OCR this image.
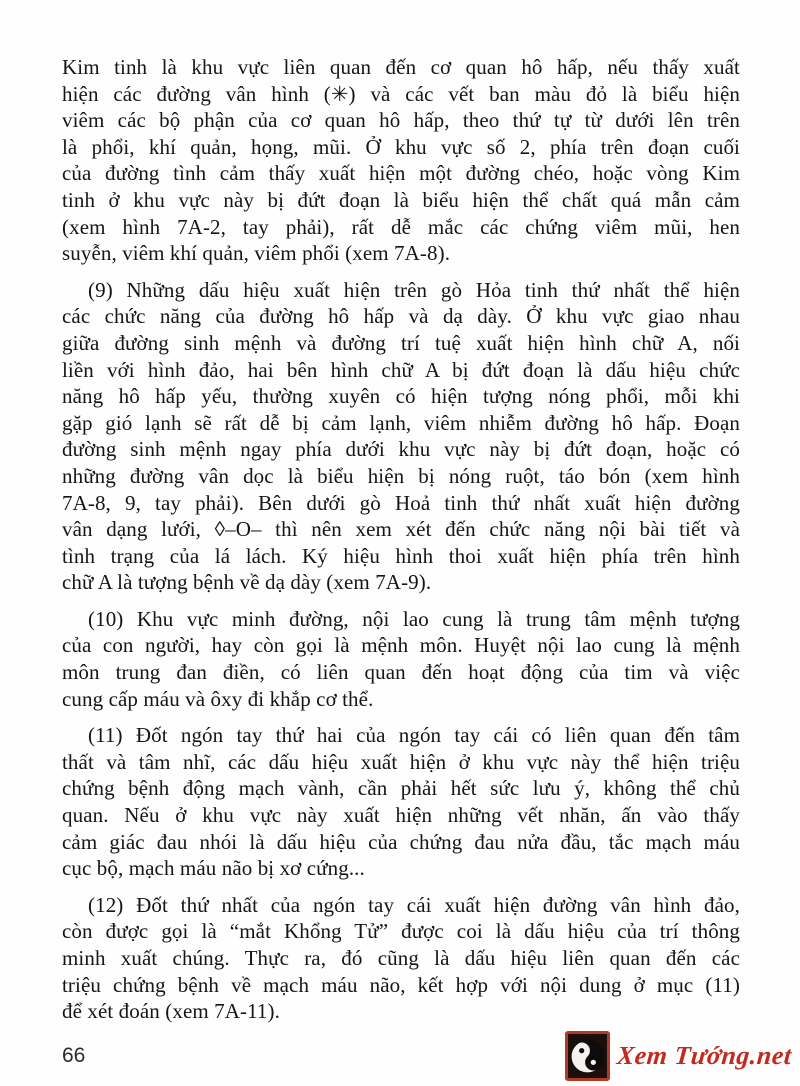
Kim tinh là khu vực liên quan đến cơ quan hô hấp, nếu thấy xuất
hiện các đường vân hình (✳) và các vết ban màu đỏ là biểu hiện
viêm các bộ phận của cơ quan hô hấp, theo thứ tự từ dưới lên trên
là phổi, khí quản, họng, mũi. Ở khu vực số 2, phía trên đoạn cuối
của đường tình cảm thấy xuất hiện một đường chéo, hoặc vòng Kim
tinh ở khu vực này bị đứt đoạn là biểu hiện thể chất quá mẫn cảm
(xem hình 7A-2, tay phải), rất dễ mắc các chứng viêm mũi, hen
suyễn, viêm khí quản, viêm phổi (xem 7A-8).
(9) Những dấu hiệu xuất hiện trên gò Hỏa tinh thứ nhất thể hiện
các chức năng của đường hô hấp và dạ dày. Ở khu vực giao nhau
giữa đường sinh mệnh và đường trí tuệ xuất hiện hình chữ A, nối
liền với hình đảo, hai bên hình chữ A bị đứt đoạn là dấu hiệu chức
năng hô hấp yếu, thường xuyên có hiện tượng nóng phổi, mỗi khi
gặp gió lạnh sẽ rất dễ bị cảm lạnh, viêm nhiễm đường hô hấp. Đoạn
đường sinh mệnh ngay phía dưới khu vực này bị đứt đoạn, hoặc có
những đường vân dọc là biểu hiện bị nóng ruột, táo bón (xem hình
7A-8, 9, tay phải). Bên dưới gò Hoả tinh thứ nhất xuất hiện đường
vân dạng lưới, ◊–O– thì nên xem xét đến chức năng nội bài tiết và
tình trạng của lá lách. Ký hiệu hình thoi xuất hiện phía trên hình
chữ A là tượng bệnh về dạ dày (xem 7A-9).
(10) Khu vực minh đường, nội lao cung là trung tâm mệnh tượng
của con người, hay còn gọi là mệnh môn. Huyệt nội lao cung là mệnh
môn trung đan điền, có liên quan đến hoạt động của tim và việc
cung cấp máu và ôxy đi khắp cơ thể.
(11) Đốt ngón tay thứ hai của ngón tay cái có liên quan đến tâm
thất và tâm nhĩ, các dấu hiệu xuất hiện ở khu vực này thể hiện triệu
chứng bệnh động mạch vành, cần phải hết sức lưu ý, không thể chủ
quan. Nếu ở khu vực này xuất hiện những vết nhăn, ấn vào thấy
cảm giác đau nhói là dấu hiệu của chứng đau nửa đầu, tắc mạch máu
cục bộ, mạch máu não bị xơ cứng...
(12) Đốt thứ nhất của ngón tay cái xuất hiện đường vân hình đảo,
còn được gọi là “mắt Khổng Tử” được coi là dấu hiệu của trí thông
minh xuất chúng. Thực ra, đó cũng là dấu hiệu liên quan đến các
triệu chứng bệnh về mạch máu não, kết hợp với nội dung ở mục (11)
để xét đoán (xem 7A-11).
66	Xem Tướng.net
